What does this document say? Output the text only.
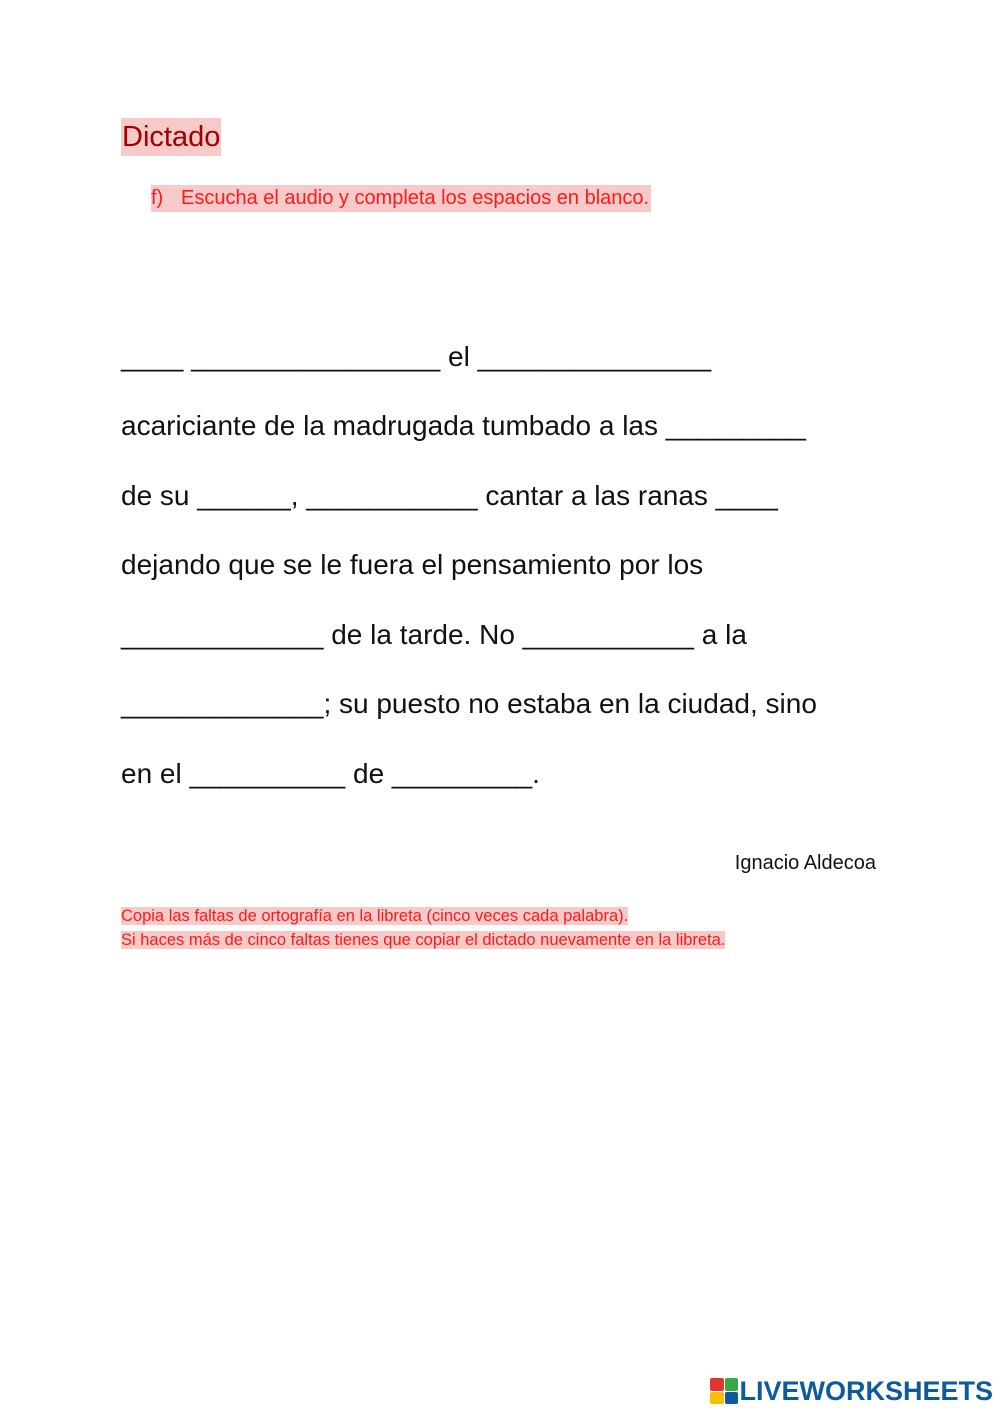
Dictado
f) Escucha el audio y completa los espacios en blanco.
____ ________________ el _______________
acariciante de la madrugada tumbado a las _________
de su ______, ___________ cantar a las ranas ____
dejando que se le fuera el pensamiento por los
_____________ de la tarde. No ___________ a la
_____________; su puesto no estaba en la ciudad, sino
en el __________ de _________.
Ignacio Aldecoa
Copia las faltas de ortografía en la libreta (cinco veces cada palabra).
Si haces más de cinco faltas tienes que copiar el dictado nuevamente en la libreta.
LIVEWORKSHEETS
